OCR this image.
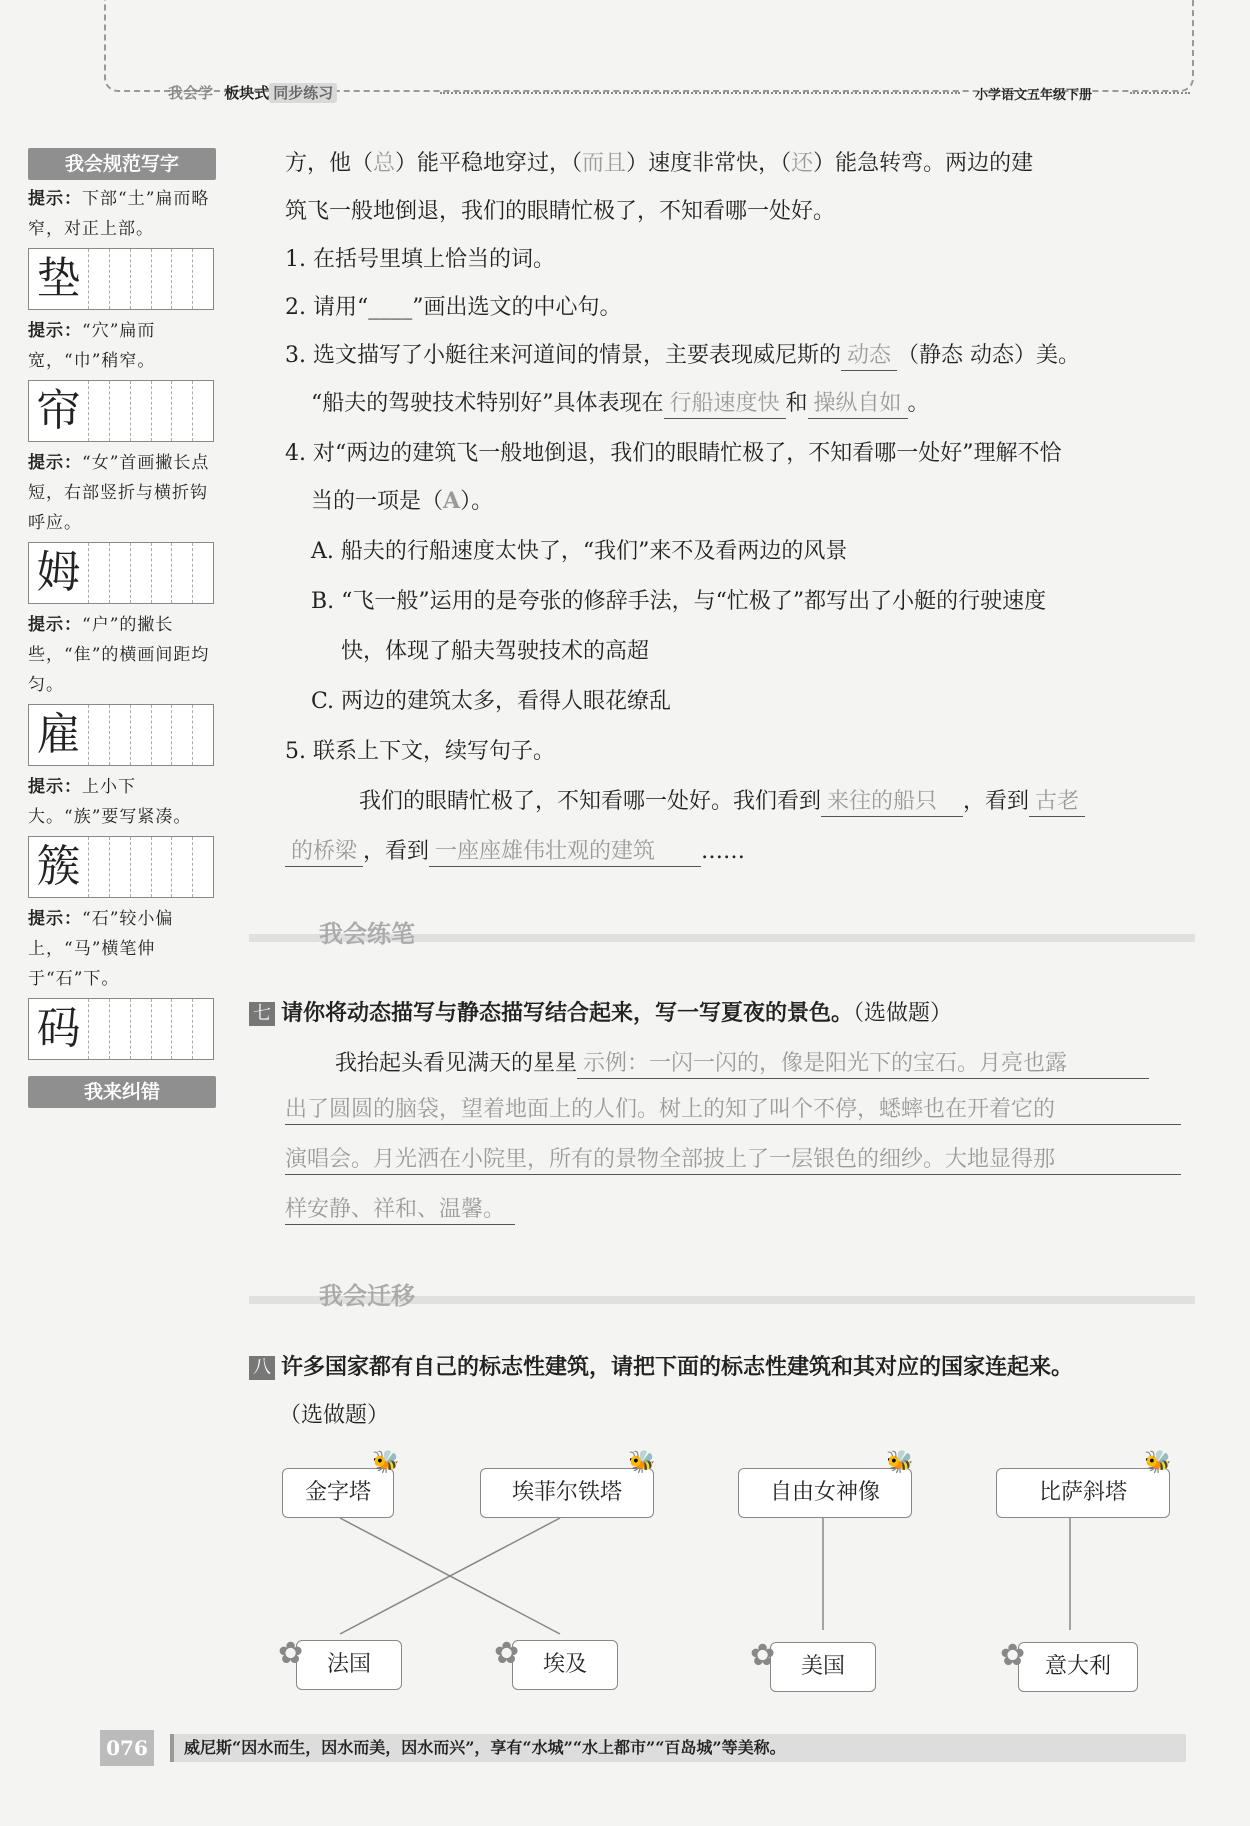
我会学 板块式 同步练习	小学语文五年级下册
我会规范写字
提示：下部“土”扁而略窄，对正上部。
垫
提示：“穴”扁而宽，“巾”稍窄。
帘
提示：“女”首画撇长点短，右部竖折与横折钩呼应。
姆
提示：“户”的撇长些，“隹”的横画间距均匀。
雇
提示：上小下大。“族”要写紧凑。
簇
提示：“石”较小偏上，“马”横笔伸于“石”下。
码
我来纠错
方，他（总）能平稳地穿过，（而且）速度非常快，（还）能急转弯。两边的建
筑飞一般地倒退，我们的眼睛忙极了，不知看哪一处好。
1. 在括号里填上恰当的词。
2. 请用“____”画出选文的中心句。
3. 选文描写了小艇往来河道间的情景，主要表现威尼斯的 动态 （静态 动态）美。
“船夫的驾驶技术特别好”具体表现在 行船速度快 和 操纵自如 。
4. 对“两边的建筑飞一般地倒退，我们的眼睛忙极了，不知看哪一处好”理解不恰
当的一项是（A）。
A. 船夫的行船速度太快了，“我们”来不及看两边的风景
B. “飞一般”运用的是夸张的修辞手法，与“忙极了”都写出了小艇的行驶速度
快，体现了船夫驾驶技术的高超
C. 两边的建筑太多，看得人眼花缭乱
5. 联系上下文，续写句子。
我们的眼睛忙极了，不知看哪一处好。我们看到 来往的船只 ，看到 古老
的桥梁 ，看到 一座座雄伟壮观的建筑 ……
我会练笔
七 请你将动态描写与静态描写结合起来，写一写夏夜的景色。（选做题）
我抬起头看见满天的星星 示例：一闪一闪的，像是阳光下的宝石。月亮也露
出了圆圆的脑袋，望着地面上的人们。树上的知了叫个不停，蟋蟀也在开着它的
演唱会。月光洒在小院里，所有的景物全部披上了一层银色的细纱。大地显得那
样安静、祥和、温馨。
我会迁移
八 许多国家都有自己的标志性建筑，请把下面的标志性建筑和其对应的国家连起来。
（选做题）
金字塔
🐝
埃菲尔铁塔
🐝
自由女神像
🐝
比萨斜塔
🐝
法国
✿	埃及
✿	美国
✿	意大利
✿
076	威尼斯“因水而生，因水而美，因水而兴”，享有“水城”“水上都市”“百岛城”等美称。
